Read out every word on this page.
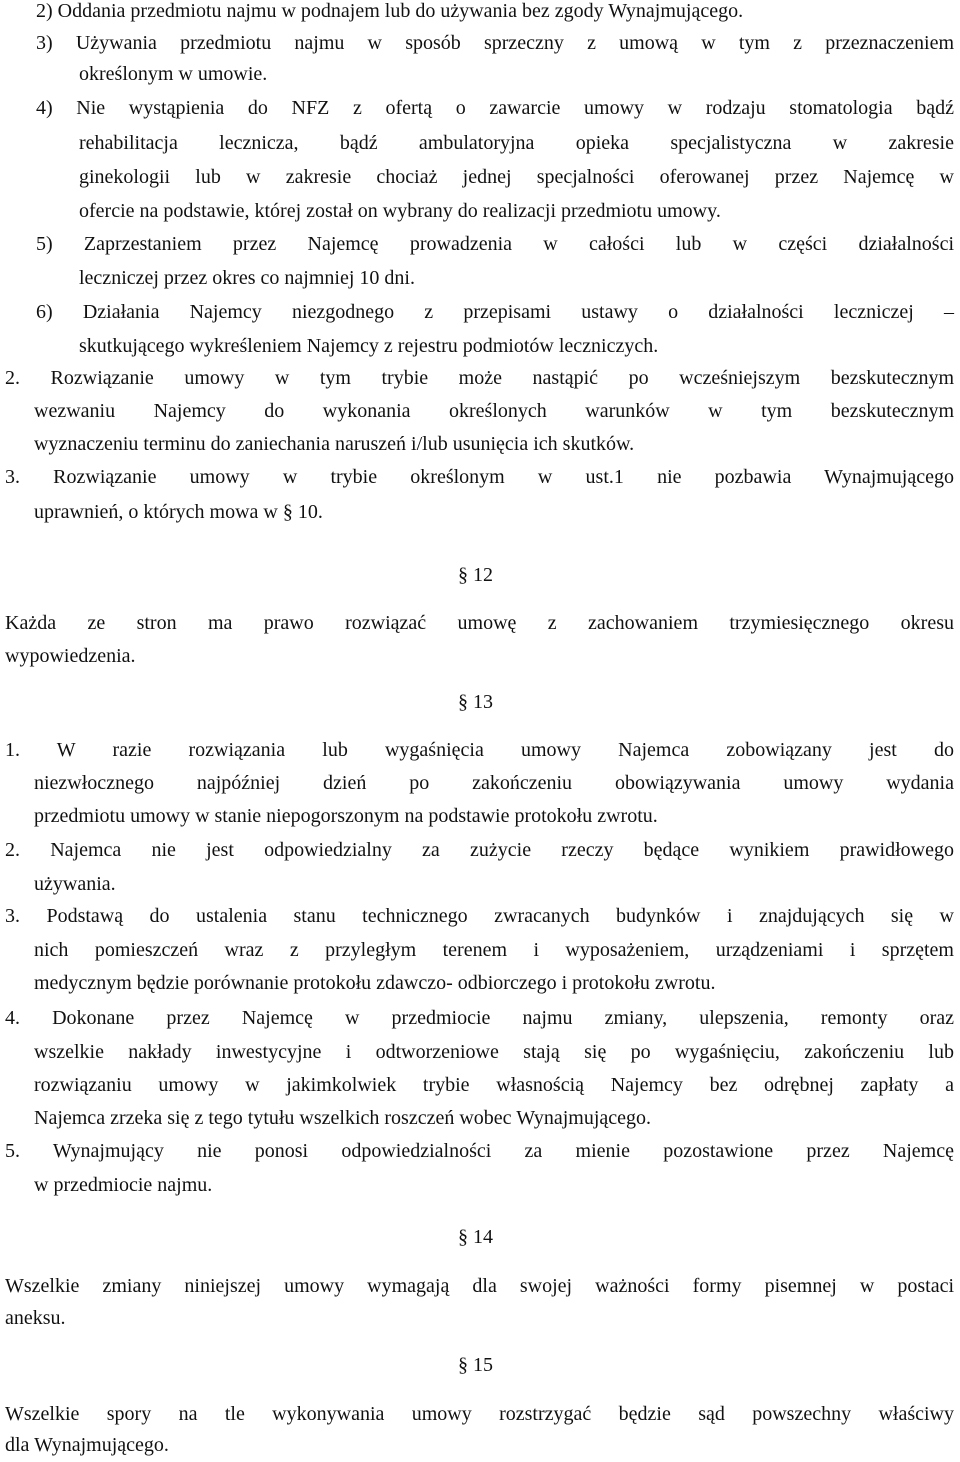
2) Oddania przedmiotu najmu w podnajem lub do używania bez zgody Wynajmującego.
3) Używania przedmiotu najmu w sposób sprzeczny z umową w tym z przeznaczeniem
określonym w umowie.
4) Nie wystąpienia do NFZ z ofertą o zawarcie umowy w rodzaju stomatologia bądź
rehabilitacja lecznicza, bądź ambulatoryjna opieka specjalistyczna w zakresie
ginekologii lub w zakresie chociaż jednej specjalności oferowanej przez Najemcę w
ofercie na podstawie, której został on wybrany do realizacji przedmiotu umowy.
5) Zaprzestaniem przez Najemcę prowadzenia w całości lub w części działalności
leczniczej przez okres co najmniej 10 dni.
6) Działania Najemcy niezgodnego z przepisami ustawy o działalności leczniczej –
skutkującego wykreśleniem Najemcy z rejestru podmiotów leczniczych.
2. Rozwiązanie umowy w tym trybie może nastąpić po wcześniejszym bezskutecznym
wezwaniu Najemcy do wykonania określonych warunków w tym bezskutecznym
wyznaczeniu terminu do zaniechania naruszeń i/lub usunięcia ich skutków.
3. Rozwiązanie umowy w trybie określonym w ust.1 nie pozbawia Wynajmującego
uprawnień, o których mowa w § 10.
§ 12
Każda ze stron ma prawo rozwiązać umowę z zachowaniem trzymiesięcznego okresu
wypowiedzenia.
§ 13
1. W razie rozwiązania lub wygaśnięcia umowy Najemca zobowiązany jest do
niezwłocznego najpóźniej dzień po zakończeniu obowiązywania umowy wydania
przedmiotu umowy w stanie niepogorszonym na podstawie protokołu zwrotu.
2. Najemca nie jest odpowiedzialny za zużycie rzeczy będące wynikiem prawidłowego
używania.
3. Podstawą do ustalenia stanu technicznego zwracanych budynków i znajdujących się w
nich pomieszczeń wraz z przyległym terenem i wyposażeniem, urządzeniami i sprzętem
medycznym będzie porównanie protokołu zdawczo- odbiorczego i protokołu zwrotu.
4. Dokonane przez Najemcę w przedmiocie najmu zmiany, ulepszenia, remonty oraz
wszelkie nakłady inwestycyjne i odtworzeniowe stają się po wygaśnięciu, zakończeniu lub
rozwiązaniu umowy w jakimkolwiek trybie własnością Najemcy bez odrębnej zapłaty a
Najemca zrzeka się z tego tytułu wszelkich roszczeń wobec Wynajmującego.
5. Wynajmujący nie ponosi odpowiedzialności za mienie pozostawione przez Najemcę
w przedmiocie najmu.
§ 14
Wszelkie zmiany niniejszej umowy wymagają dla swojej ważności formy pisemnej w postaci
aneksu.
§ 15
Wszelkie spory na tle wykonywania umowy rozstrzygać będzie sąd powszechny właściwy
dla Wynajmującego.
